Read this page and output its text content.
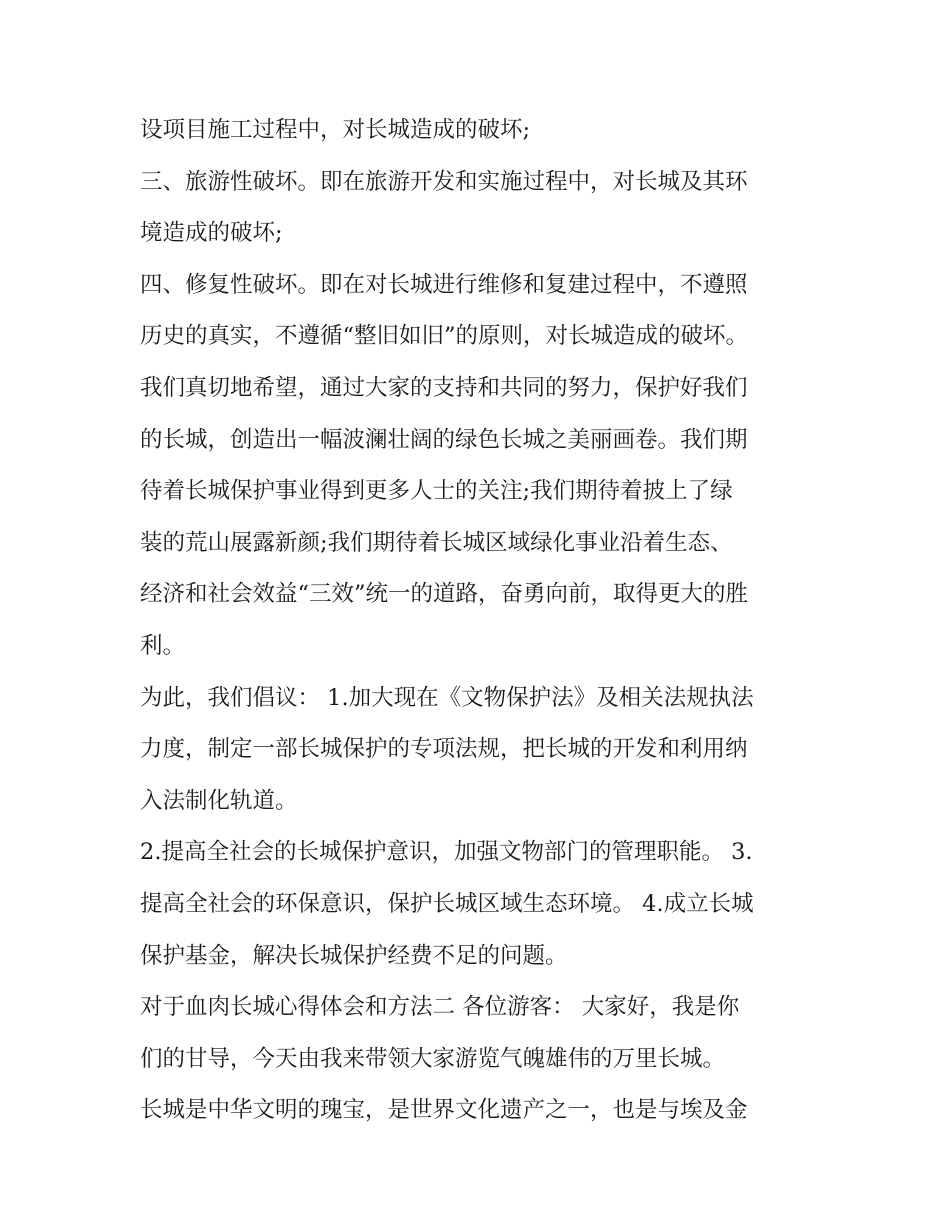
设项目施工过程中，对长城造成的破坏;
三、旅游性破坏。即在旅游开发和实施过程中，对长城及其环
境造成的破坏;
四、修复性破坏。即在对长城进行维修和复建过程中，不遵照
历史的真实，不遵循“整旧如旧”的原则，对长城造成的破坏。
我们真切地希望，通过大家的支持和共同的努力，保护好我们
的长城，创造出一幅波澜壮阔的绿色长城之美丽画卷。我们期
待着长城保护事业得到更多人士的关注;我们期待着披上了绿
装的荒山展露新颜;我们期待着长城区域绿化事业沿着生态、
经济和社会效益“三效”统一的道路，奋勇向前，取得更大的胜
利。
为此，我们倡议： 1.加大现在《文物保护法》及相关法规执法
力度，制定一部长城保护的专项法规，把长城的开发和利用纳
入法制化轨道。
2.提高全社会的长城保护意识，加强文物部门的管理职能。 3.
提高全社会的环保意识，保护长城区域生态环境。 4.成立长城
保护基金，解决长城保护经费不足的问题。
对于血肉长城心得体会和方法二 各位游客： 大家好，我是你
们的甘导，今天由我来带领大家游览气魄雄伟的万里长城。
长城是中华文明的瑰宝，是世界文化遗产之一，也是与埃及金
